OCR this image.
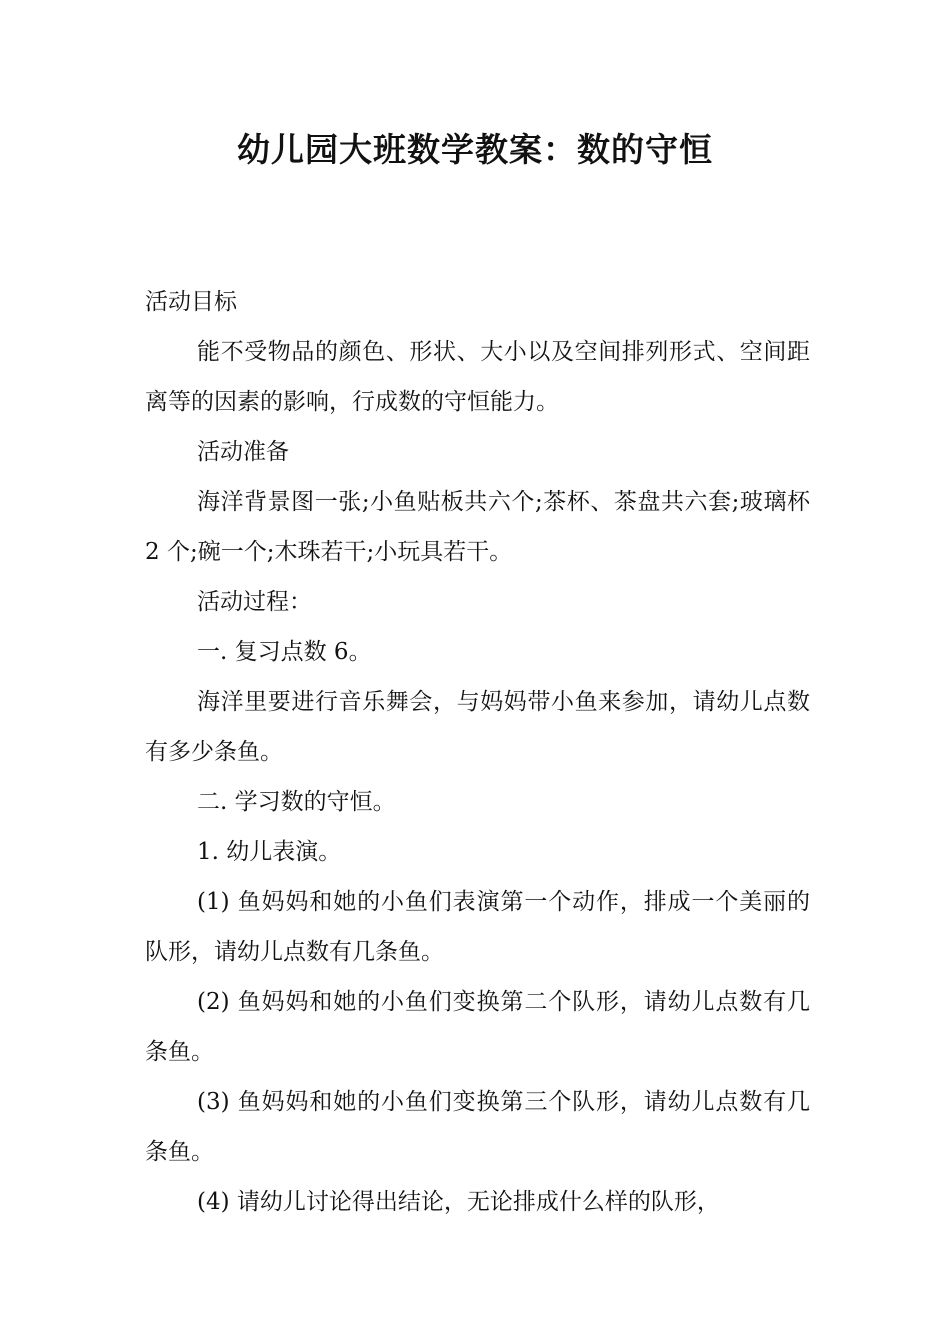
幼儿园大班数学教案：数的守恒

活动目标

能不受物品的颜色、形状、大小以及空间排列形式、空间距离等的因素的影响，行成数的守恒能力。

活动准备

海洋背景图一张;小鱼贴板共六个;茶杯、茶盘共六套;玻璃杯 2 个;碗一个;木珠若干;小玩具若干。

活动过程：

一. 复习点数 6。

海洋里要进行音乐舞会，与妈妈带小鱼来参加，请幼儿点数有多少条鱼。

二. 学习数的守恒。

1. 幼儿表演。

(1) 鱼妈妈和她的小鱼们表演第一个动作，排成一个美丽的队形，请幼儿点数有几条鱼。

(2) 鱼妈妈和她的小鱼们变换第二个队形，请幼儿点数有几条鱼。

(3) 鱼妈妈和她的小鱼们变换第三个队形，请幼儿点数有几条鱼。

(4) 请幼儿讨论得出结论，无论排成什么样的队形，
